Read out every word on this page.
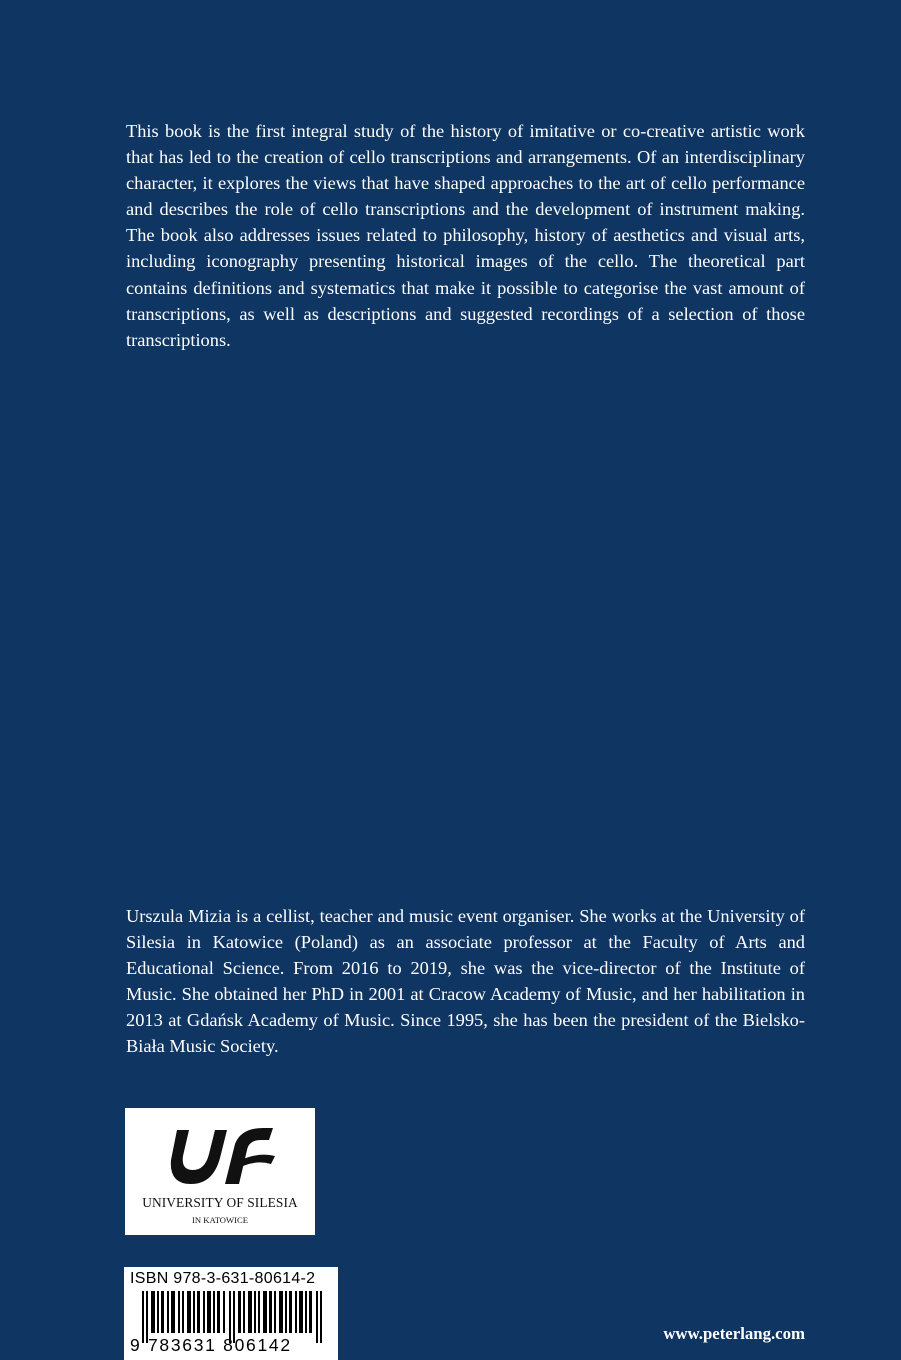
This book is the first integral study of the history of imitative or co-creative artistic work that has led to the creation of cello transcriptions and arrangements. Of an interdisciplinary character, it explores the views that have shaped approaches to the art of cello performance and describes the role of cello transcriptions and the development of instrument making. The book also addresses issues related to philosophy, history of aesthetics and visual arts, including iconography presenting historical images of the cello. The theoretical part contains definitions and systematics that make it possible to categorise the vast amount of transcriptions, as well as descriptions and suggested recordings of a selection of those transcriptions.

Urszula Mizia is a cellist, teacher and music event organiser. She works at the University of Silesia in Katowice (Poland) as an associate professor at the Faculty of Arts and Educational Science. From 2016 to 2019, she was the vice-director of the Institute of Music. She obtained her PhD in 2001 at Cracow Academy of Music, and her habilitation in 2013 at Gdańsk Academy of Music. Since 1995, she has been the president of the Bielsko-Biała Music Society.

UNIVERSITY OF SILESIA
IN KATOWICE
ISBN 978-3-631-80614-2
9 783631 806142
www.peterlang.com
